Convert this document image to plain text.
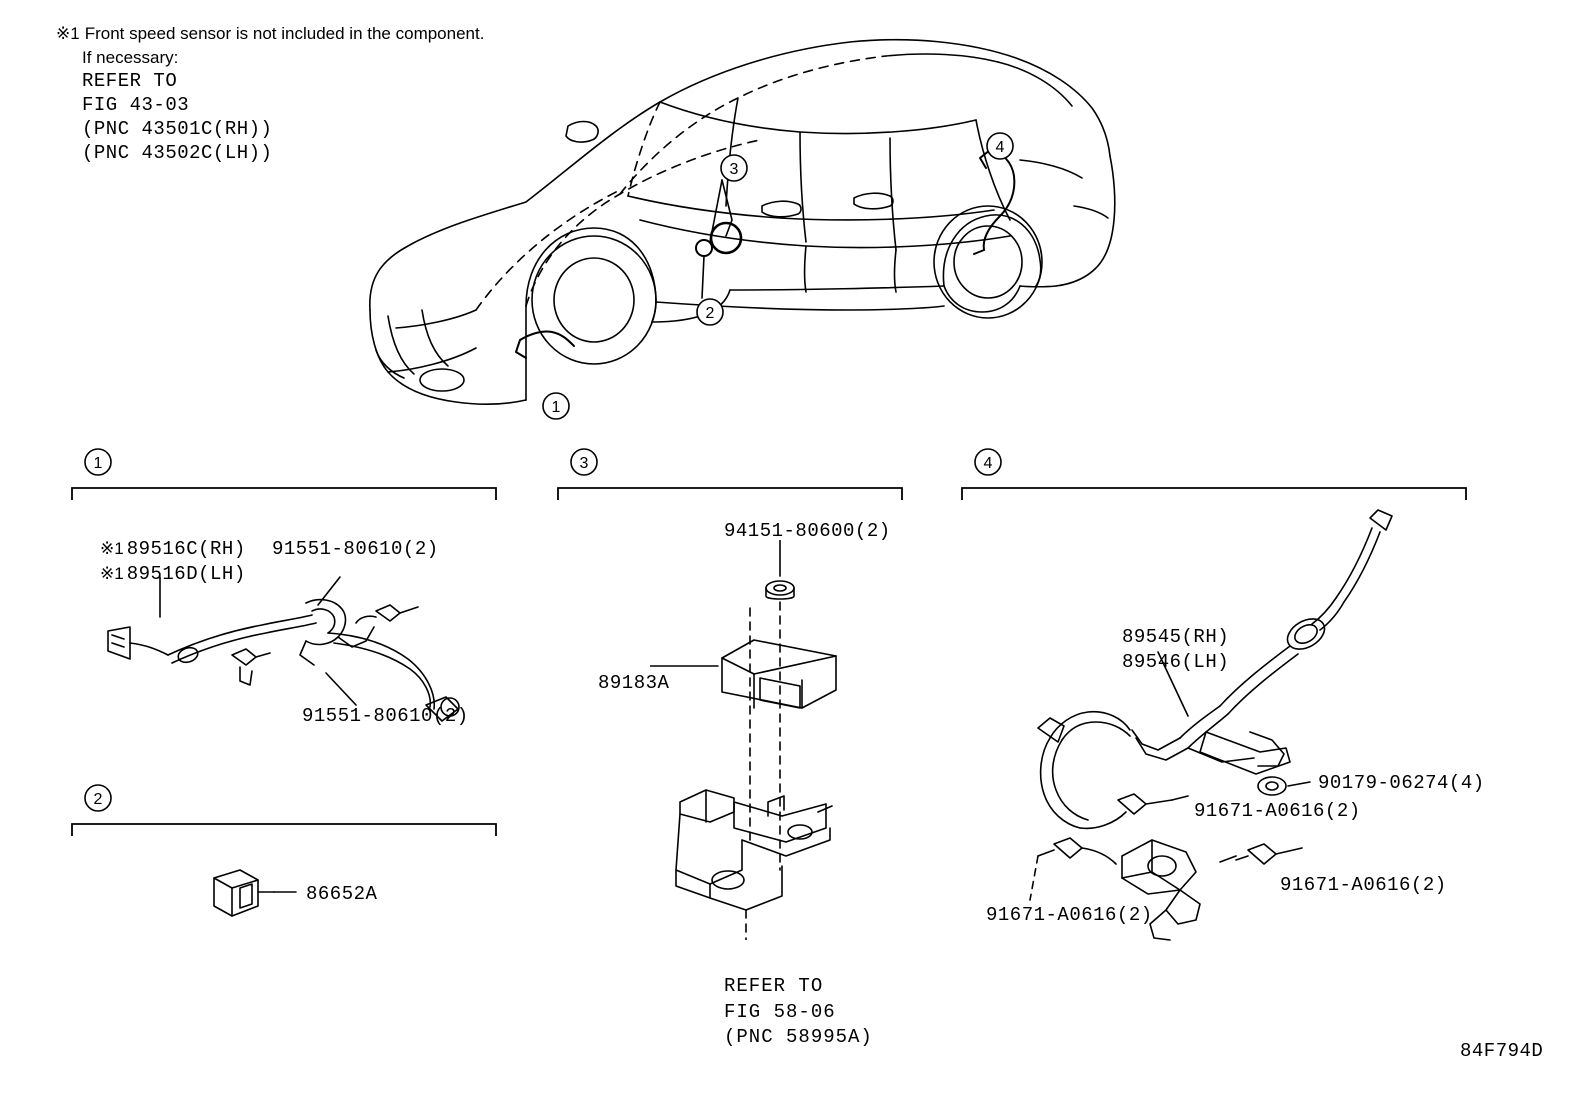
※1 Front speed sensor is not included in the component.
If necessary:
REFER TO
FIG 43-03
(PNC 43501C(RH))
(PNC 43502C(LH))
1
2
3
4
1
※1 89516C(RH)
※1 89516D(LH)
91551-80610(2)
91551-80610(2)
2
86652A
3
94151-80600(2)
89183A
REFER TO
FIG 58-06
(PNC 58995A)
4
89545(RH)
89546(LH)
90179-06274(4)
91671-A0616(2)
91671-A0616(2)
91671-A0616(2)
84F794D
